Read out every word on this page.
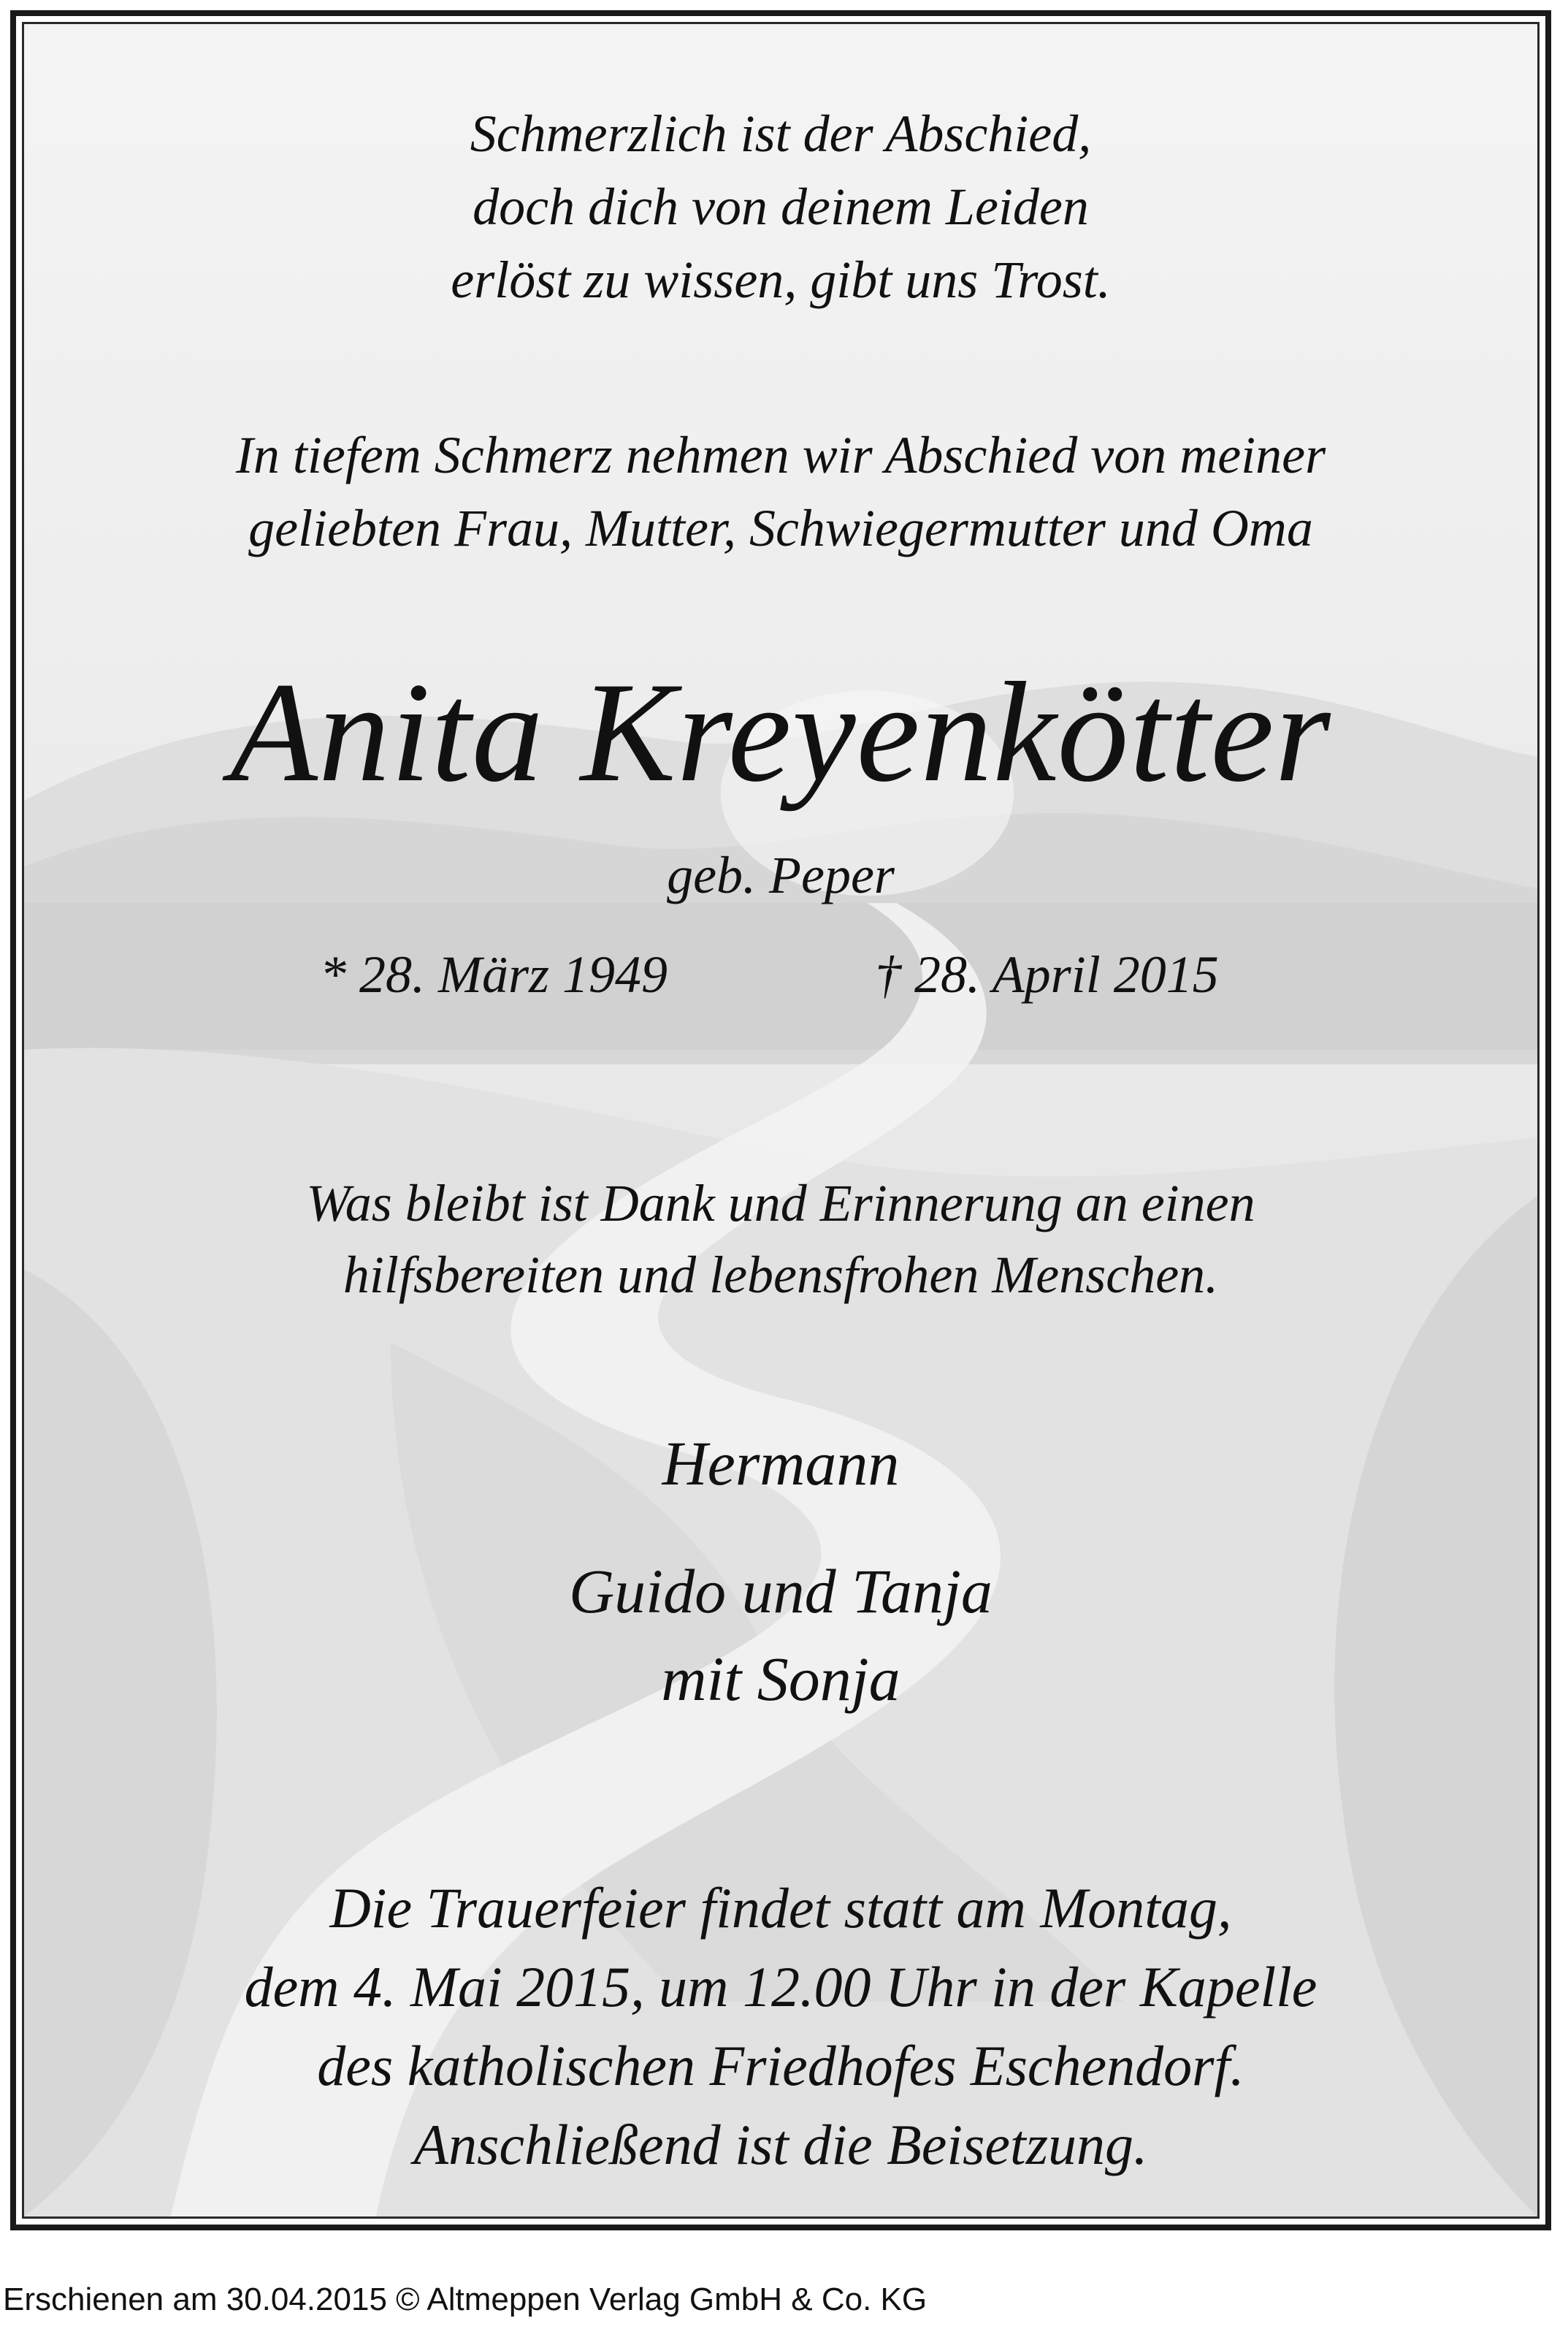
Schmerzlich ist der Abschied,
doch dich von deinem Leiden
erlöst zu wissen, gibt uns Trost.
In tiefem Schmerz nehmen wir Abschied von meiner
geliebten Frau, Mutter, Schwiegermutter und Oma
Anita Kreyenkötter
geb. Peper
* 28. März 1949	† 28. April 2015
Was bleibt ist Dank und Erinnerung an einen
hilfsbereiten und lebensfrohen Menschen.
Hermann
Guido und Tanja
mit Sonja
Die Trauerfeier findet statt am Montag,
dem 4. Mai 2015, um 12.00 Uhr in der Kapelle
des katholischen Friedhofes Eschendorf.
Anschließend ist die Beisetzung.
Erschienen am 30.04.2015 © Altmeppen Verlag GmbH & Co. KG
